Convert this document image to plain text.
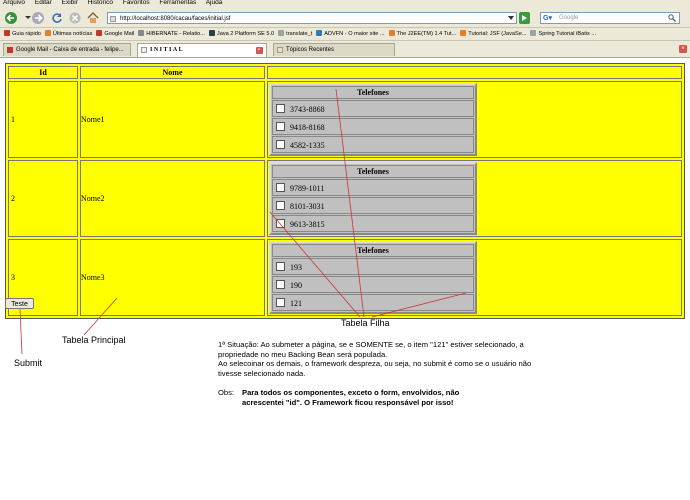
Arquivo Editar Exibir Histórico Favoritos Ferramentas Ajuda
http://localhost:8080/cacau/faces/initial.jsf	G▾ Google
Guia rápido Últimas notícias Google Mail HIBERNATE - Relatio... Java 2 Platform SE 5.0 translate_t ADVFN - O maior site ... The J2EE(TM) 1.4 Tut... Tutorial: JSF (JavaSe... Spring Tutorial iBatis ...
Google Mail - Caixa de entrada - felipe...	INITIAL	×	Tópicos Recentes	×
Id	Nome	
1	Nome1	
Telefones
3743-8868
9418-8168
4582-1335

2	Nome2	
Telefones
9789-1011
8101-3031
9613-3815

3	Nome3	
Telefones
193
190
121
Teste
Tabela Filha
Tabela Principal
Submit
1ª Situação: Ao submeter a página, se e SOMENTE se, o item "121" estiver selecionado, a propriedade no meu Backing Bean será populada.
Ao selecoinar os demais, o framework despreza, ou seja, no submit é como se o usuário não tivesse selecionado nada.
Obs: Para todos os componentes, exceto o form, envolvidos, não acrescentei "id". O Framework ficou responsável por isso!
